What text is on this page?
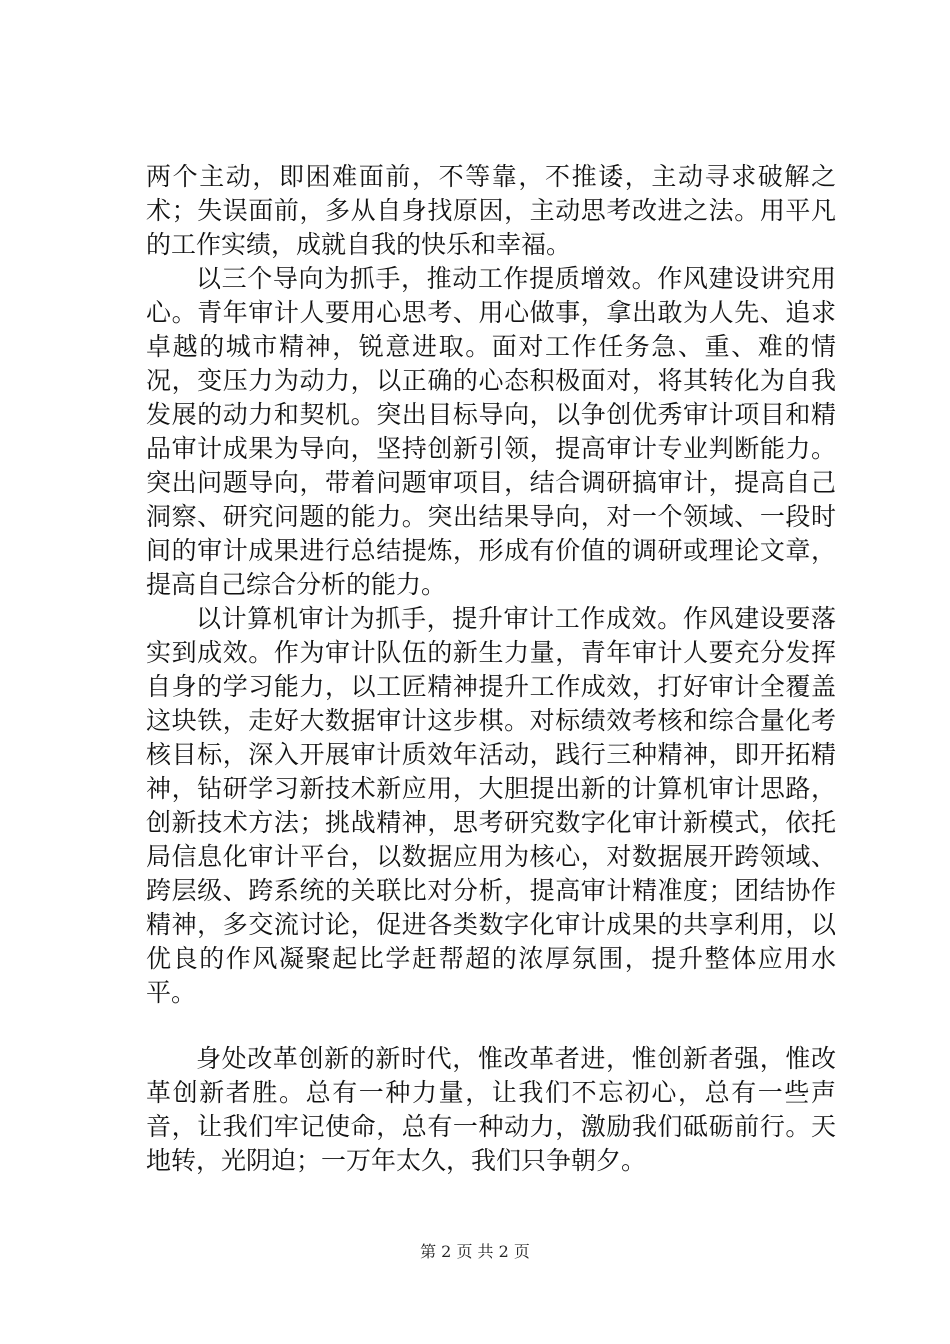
两个主动，即困难面前，不等靠，不推诿，主动寻求破解之术；失误面前，多从自身找原因，主动思考改进之法。用平凡的工作实绩，成就自我的快乐和幸福。

以三个导向为抓手，推动工作提质增效。作风建设讲究用心。青年审计人要用心思考、用心做事，拿出敢为人先、追求卓越的城市精神，锐意进取。面对工作任务急、重、难的情况，变压力为动力，以正确的心态积极面对，将其转化为自我发展的动力和契机。突出目标导向，以争创优秀审计项目和精品审计成果为导向，坚持创新引领，提高审计专业判断能力。突出问题导向，带着问题审项目，结合调研搞审计，提高自己洞察、研究问题的能力。突出结果导向，对一个领域、一段时间的审计成果进行总结提炼，形成有价值的调研或理论文章，提高自己综合分析的能力。

以计算机审计为抓手，提升审计工作成效。作风建设要落实到成效。作为审计队伍的新生力量，青年审计人要充分发挥自身的学习能力，以工匠精神提升工作成效，打好审计全覆盖这块铁，走好大数据审计这步棋。对标绩效考核和综合量化考核目标，深入开展审计质效年活动，践行三种精神，即开拓精神，钻研学习新技术新应用，大胆提出新的计算机审计思路，创新技术方法；挑战精神，思考研究数字化审计新模式，依托局信息化审计平台，以数据应用为核心，对数据展开跨领域、跨层级、跨系统的关联比对分析，提高审计精准度；团结协作精神，多交流讨论，促进各类数字化审计成果的共享利用，以优良的作风凝聚起比学赶帮超的浓厚氛围，提升整体应用水平。

身处改革创新的新时代，惟改革者进，惟创新者强，惟改革创新者胜。总有一种力量，让我们不忘初心，总有一些声音，让我们牢记使命，总有一种动力，激励我们砥砺前行。天地转，光阴迫；一万年太久，我们只争朝夕。

第 2 页 共 2 页
